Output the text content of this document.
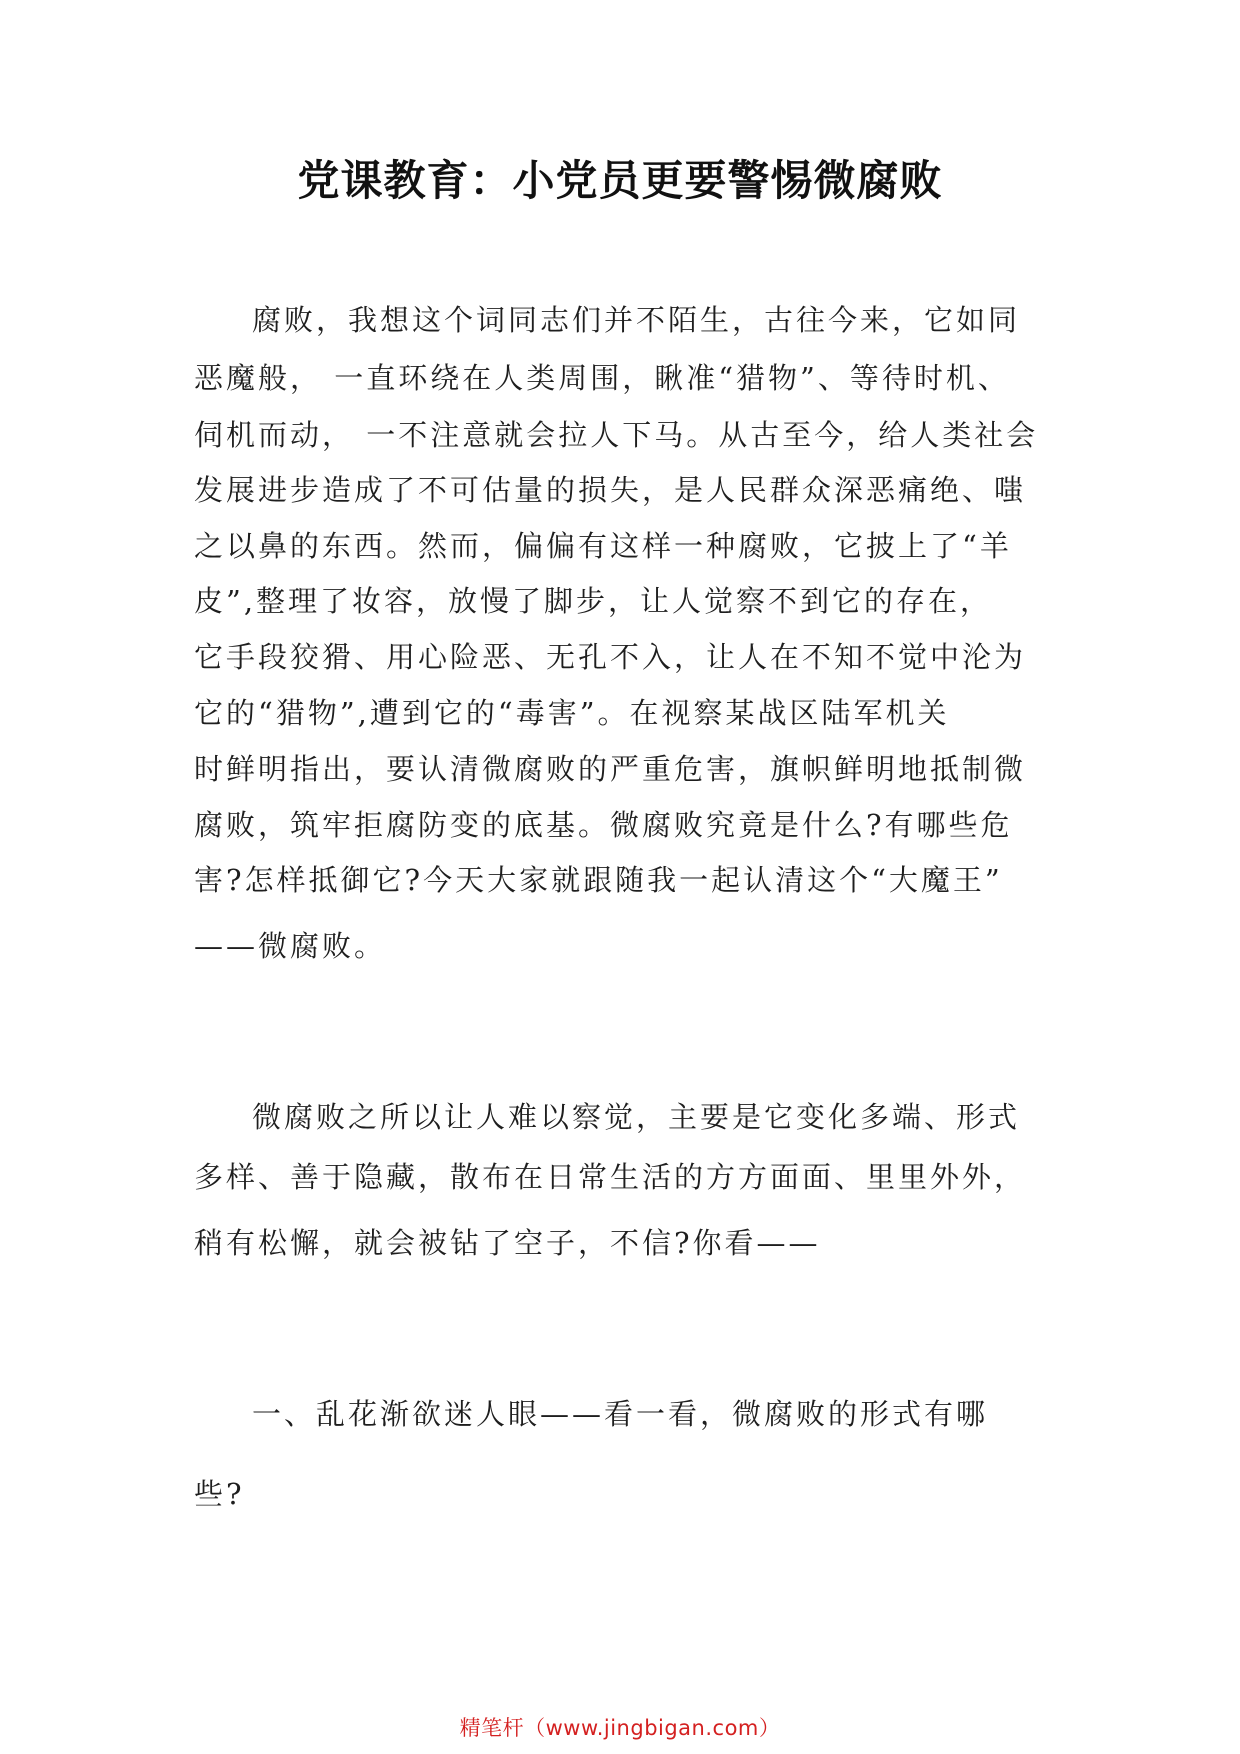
党课教育：小党员更要警惕微腐败

腐败，我想这个词同志们并不陌生，古往今来，它如同

恶魔般， 一直环绕在人类周围，瞅准“猎物”、等待时机、

伺机而动， 一不注意就会拉人下马。从古至今，给人类社会

发展进步造成了不可估量的损失，是人民群众深恶痛绝、嗤

之以鼻的东西。然而，偏偏有这样一种腐败，它披上了“羊

皮”,整理了妆容，放慢了脚步，让人觉察不到它的存在，

它手段狡猾、用心险恶、无孔不入，让人在不知不觉中沦为

它的“猎物”,遭到它的“毒害”。在视察某战区陆军机关

时鲜明指出，要认清微腐败的严重危害，旗帜鲜明地抵制微

腐败，筑牢拒腐防变的底基。微腐败究竟是什么?有哪些危

害?怎样抵御它?今天大家就跟随我一起认清这个“大魔王”

——微腐败。

微腐败之所以让人难以察觉，主要是它变化多端、形式

多样、善于隐藏，散布在日常生活的方方面面、里里外外，

稍有松懈，就会被钻了空子，不信?你看——

一、乱花渐欲迷人眼——看一看，微腐败的形式有哪

些?

精笔杆（www.jingbigan.com）
